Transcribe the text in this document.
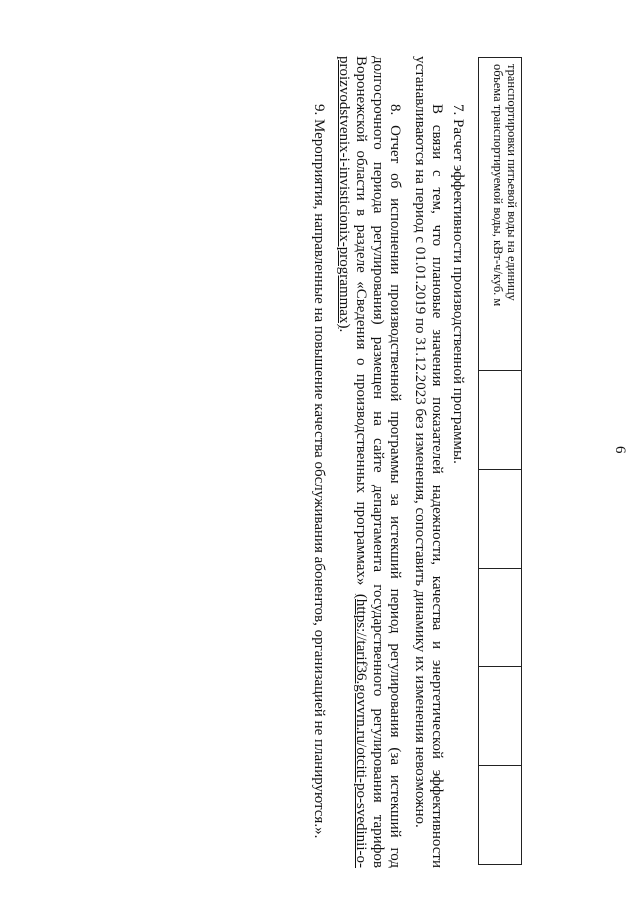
6
транспортировки питьевой воды на единицу
объема транспортируемой воды, кВт-ч/куб. м					

7. Расчет эффективности производственной программы.

В связи с тем, что плановые значения показателей надежности, качества и энергетической эффективности устанавливаются на период с 01.01.2019 по 31.12.2023 без изменения, сопоставить динамику их изменения невозможно.

8. Отчет об исполнении производственной программы за истекший период регулирования (за истекший год долгосрочного периода регулирования) размещен на сайте департамента государственного регулирования тарифов Воронежской области в разделе «Сведения о производственных программах» (https://tarif36.govvrn.ru/otciti-po-svedinii-o-proizvodstvenix-i-invisticionix-programmax).

9. Мероприятия, направленные на повышение качества обслуживания абонентов, организацией не планируются.».
